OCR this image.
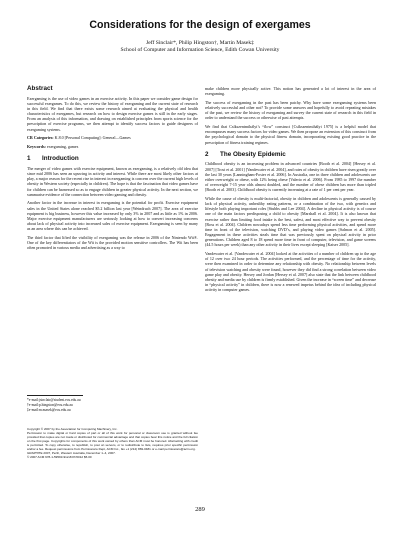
Considerations for the design of exergames
Jeff Sinclair*, Philip Hingston†, Martin Masek‡
School of Computer and Information Science, Edith Cowan University
Abstract

Exergaming is the use of video games in an exercise activity. In this paper we consider game design for successful exergames. To do this, we review the history of exergaming and the current state of research in this field. We find that there exists some research aimed at evaluating the physical and health characteristics of exergames, but research on how to design exercise games is still in the early stages. From an analysis of this information, and drawing on established principles from sports science for the prescription of exercise programs, we then attempt to identify success factors to guide designers of exergaming systems.

CR Categories: K.8.0 [Personal Computing]: General—Games

Keywords: exergaming, games

1 Introduction

The merger of video games with exercise equipment, known as exergaming, is a relatively old idea that since mid 2006 has seen an upswing in activity and interest. While there are most likely other factors at play, a major reason for the recent rise in interest in exergaming is concern over the current high levels of obesity in Western society (especially in children). The hope is that the fascination that video games have for children can be harnessed so as to engage children in greater physical activity. In the next section, we summarise evidence of the connection between video gaming and obesity.

Another factor in the increase in interest in exergaming is the potential for profit. Exercise equipment sales in the United States alone reached $5.2 billion last year [Weindruch 2007]. The area of exercise equipment is big business, however this value increased by only 3% in 2007 and as little as 1% in 2006. Major exercise equipment manufacturers are seriously looking at how to convert increasing concerns about lack of physical activity into increased sales of exercise equipment. Exergaming is seen by many as an area where this can be achieved.

The third factor that lifted the visibility of exergaming was the release in 2006 of the Nintendo Wii®. One of the key differentiators of the Wii is the provided motion sensitive controllers. The Wii has been often promoted in various media and advertising as a way to

*e-mail:jsinclair@student.ecu.edu.au
†e-mail:p.hingston@ecu.edu.au
‡e-mail:m.masek@ecu.edu.au
Copyright © 2007 by the Association for Computing Machinery, Inc.
Permission to make digital or hard copies of part or all of this work for personal or classroom use is granted without fee provided that copies are not made or distributed for commercial advantage and that copies bear this notice and the full citation on the first page. Copyrights for components of this work owned by others than ACM must be honored. Abstracting with credit is permitted. To copy otherwise, to republish, to post on servers, or to redistribute to lists, requires prior specific permission and/or a fee. Request permissions from Permissions Dept, ACM Inc., fax +1 (212) 869-0481 or e-mail permissions@acm.org.
GRAPHITE 2007, Perth, Western Australia, December 1–4, 2007.
© 2007 ACM 978-1-59593-912-8/07/0012 $5.00

make children more physically active. This notion has generated a lot of interest in the area of exergaming.

The success of exergaming in the past has been patchy. Why have some exergaming systems been relatively successful and other not? To provide some answers and hopefully to avoid repeating mistakes of the past, we review the history of exergaming and survey the current state of research in this field in order to understand the success or otherwise of past attempts.

We find that Csíkszentmihályi’s “flow” construct [Csíkszentmihályi 1975] is a helpful model that encompasses many success factors for video games. We then propose an extension of this construct from the psychological domain to the physical fitness domain, incorporating existing good practice in the prescription of fitness training regimes.

2 The Obesity Epidemic

Childhood obesity is an increasing problem in advanced countries [Booth et al. 2004] [Hersey et al. 2007] [Trost et al. 2001] [Vandewater et al. 2004], and rates of obesity in children have risen greatly over the last 30 years [Lanningham-Foster et al. 2006]. In Australia, one in three children and adolescents are either overweight or obese, with 12% being obese [Valerio et al. 2006]. From 1985 to 1997 the number of overweight 7-15 year olds almost doubled, and the number of obese children has more than tripled [Booth et al. 2003]. Childhood obesity is currently increasing at a rate of 1 per cent per year.

While the cause of obesity is multi-factorial, obesity in children and adolescents is generally caused by lack of physical activity, unhealthy eating patterns, or a combination of the two, with genetics and lifestyle both playing important roles [Stubbs and Lee 2004]. A decline in physical activity is of course one of the main factors predisposing a child to obesity [Marshall et al. 2004]. It is also known that exercise rather than limiting food intake is the best, safest, and most effective way to prevent obesity [Ross et al. 2004]. Children nowadays spend less time performing physical activities, and spend more time in front of the television, watching DVD’s, and playing video games [Salmon et al. 2005]. Engagement in these activities steals time that was previously spent on physical activity in prior generations. Children aged 8 to 18 spend more time in front of computer, television, and game screens (44.5 hours per week) than any other activity in their lives except sleeping [Kaiser 2005].

Vandewater et al. [Vandewater et al. 2004] looked at the activities of a number of children up to the age of 12 over two 24 hour periods. The activities performed, and the percentage of time for the activity, were then examined in order to determine any relationship with obesity. No relationship between levels of television watching and obesity were found, however they did find a strong correlation between video game play and obesity. Hersey and Jordan [Hersey et al. 2007] also state that the link between childhood obesity and media use by children is firmly established. Given the increase in “screen time” and decrease in “physical activity” in children, there is now a renewed impetus behind the idea of including physical activity in computer games.

289
